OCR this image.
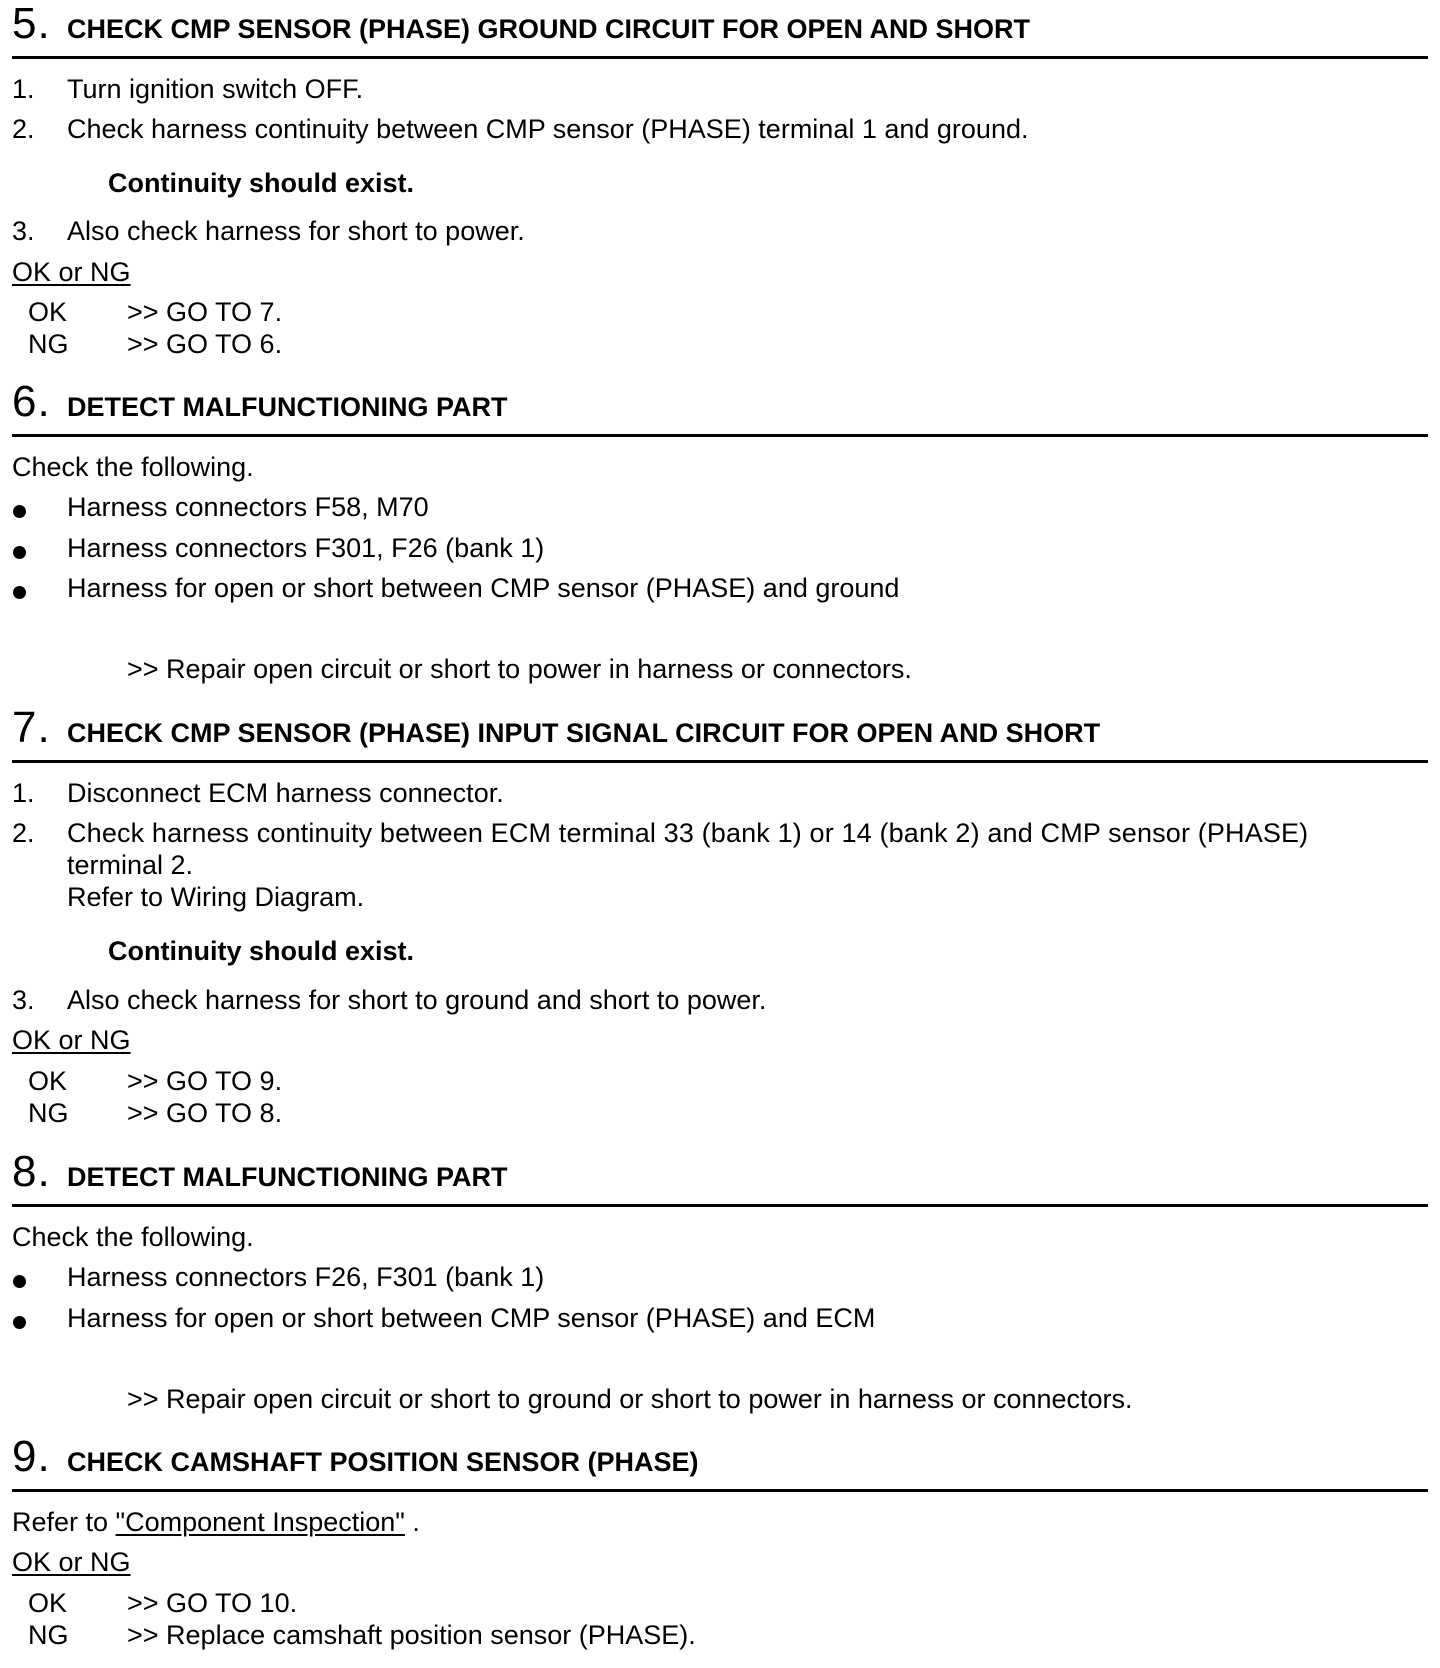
5. CHECK CMP SENSOR (PHASE) GROUND CIRCUIT FOR OPEN AND SHORT
1. Turn ignition switch OFF.
2. Check harness continuity between CMP sensor (PHASE) terminal 1 and ground.
Continuity should exist.
3. Also check harness for short to power.
OK or NG
OK >> GO TO 7.
NG >> GO TO 6.
6. DETECT MALFUNCTIONING PART
Check the following.
Harness connectors F58, M70
Harness connectors F301, F26 (bank 1)
Harness for open or short between CMP sensor (PHASE) and ground
>> Repair open circuit or short to power in harness or connectors.
7. CHECK CMP SENSOR (PHASE) INPUT SIGNAL CIRCUIT FOR OPEN AND SHORT
1. Disconnect ECM harness connector.
2. Check harness continuity between ECM terminal 33 (bank 1) or 14 (bank 2) and CMP sensor (PHASE)
terminal 2.
Refer to Wiring Diagram.
Continuity should exist.
3. Also check harness for short to ground and short to power.
OK or NG
OK >> GO TO 9.
NG >> GO TO 8.
8. DETECT MALFUNCTIONING PART
Check the following.
Harness connectors F26, F301 (bank 1)
Harness for open or short between CMP sensor (PHASE) and ECM
>> Repair open circuit or short to ground or short to power in harness or connectors.
9. CHECK CAMSHAFT POSITION SENSOR (PHASE)
Refer to "Component Inspection" .
OK or NG
OK >> GO TO 10.
NG >> Replace camshaft position sensor (PHASE).
